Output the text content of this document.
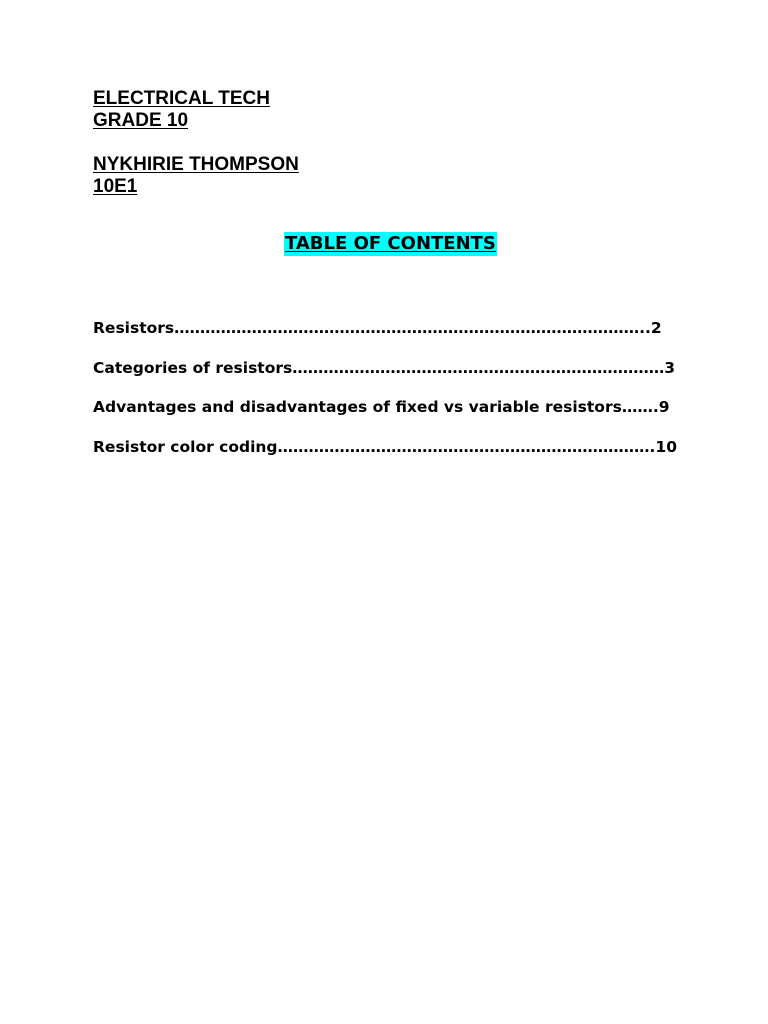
ELECTRICAL TECH
GRADE 10
NYKHIRIE THOMPSON
10E1
TABLE OF CONTENTS
Resistors………………………………………………………………………………..2
Categories of resistors………………………………………………………………3
Advantages and disadvantages of fixed vs variable resistors…….9
Resistor color coding……………………………………………………………….10
